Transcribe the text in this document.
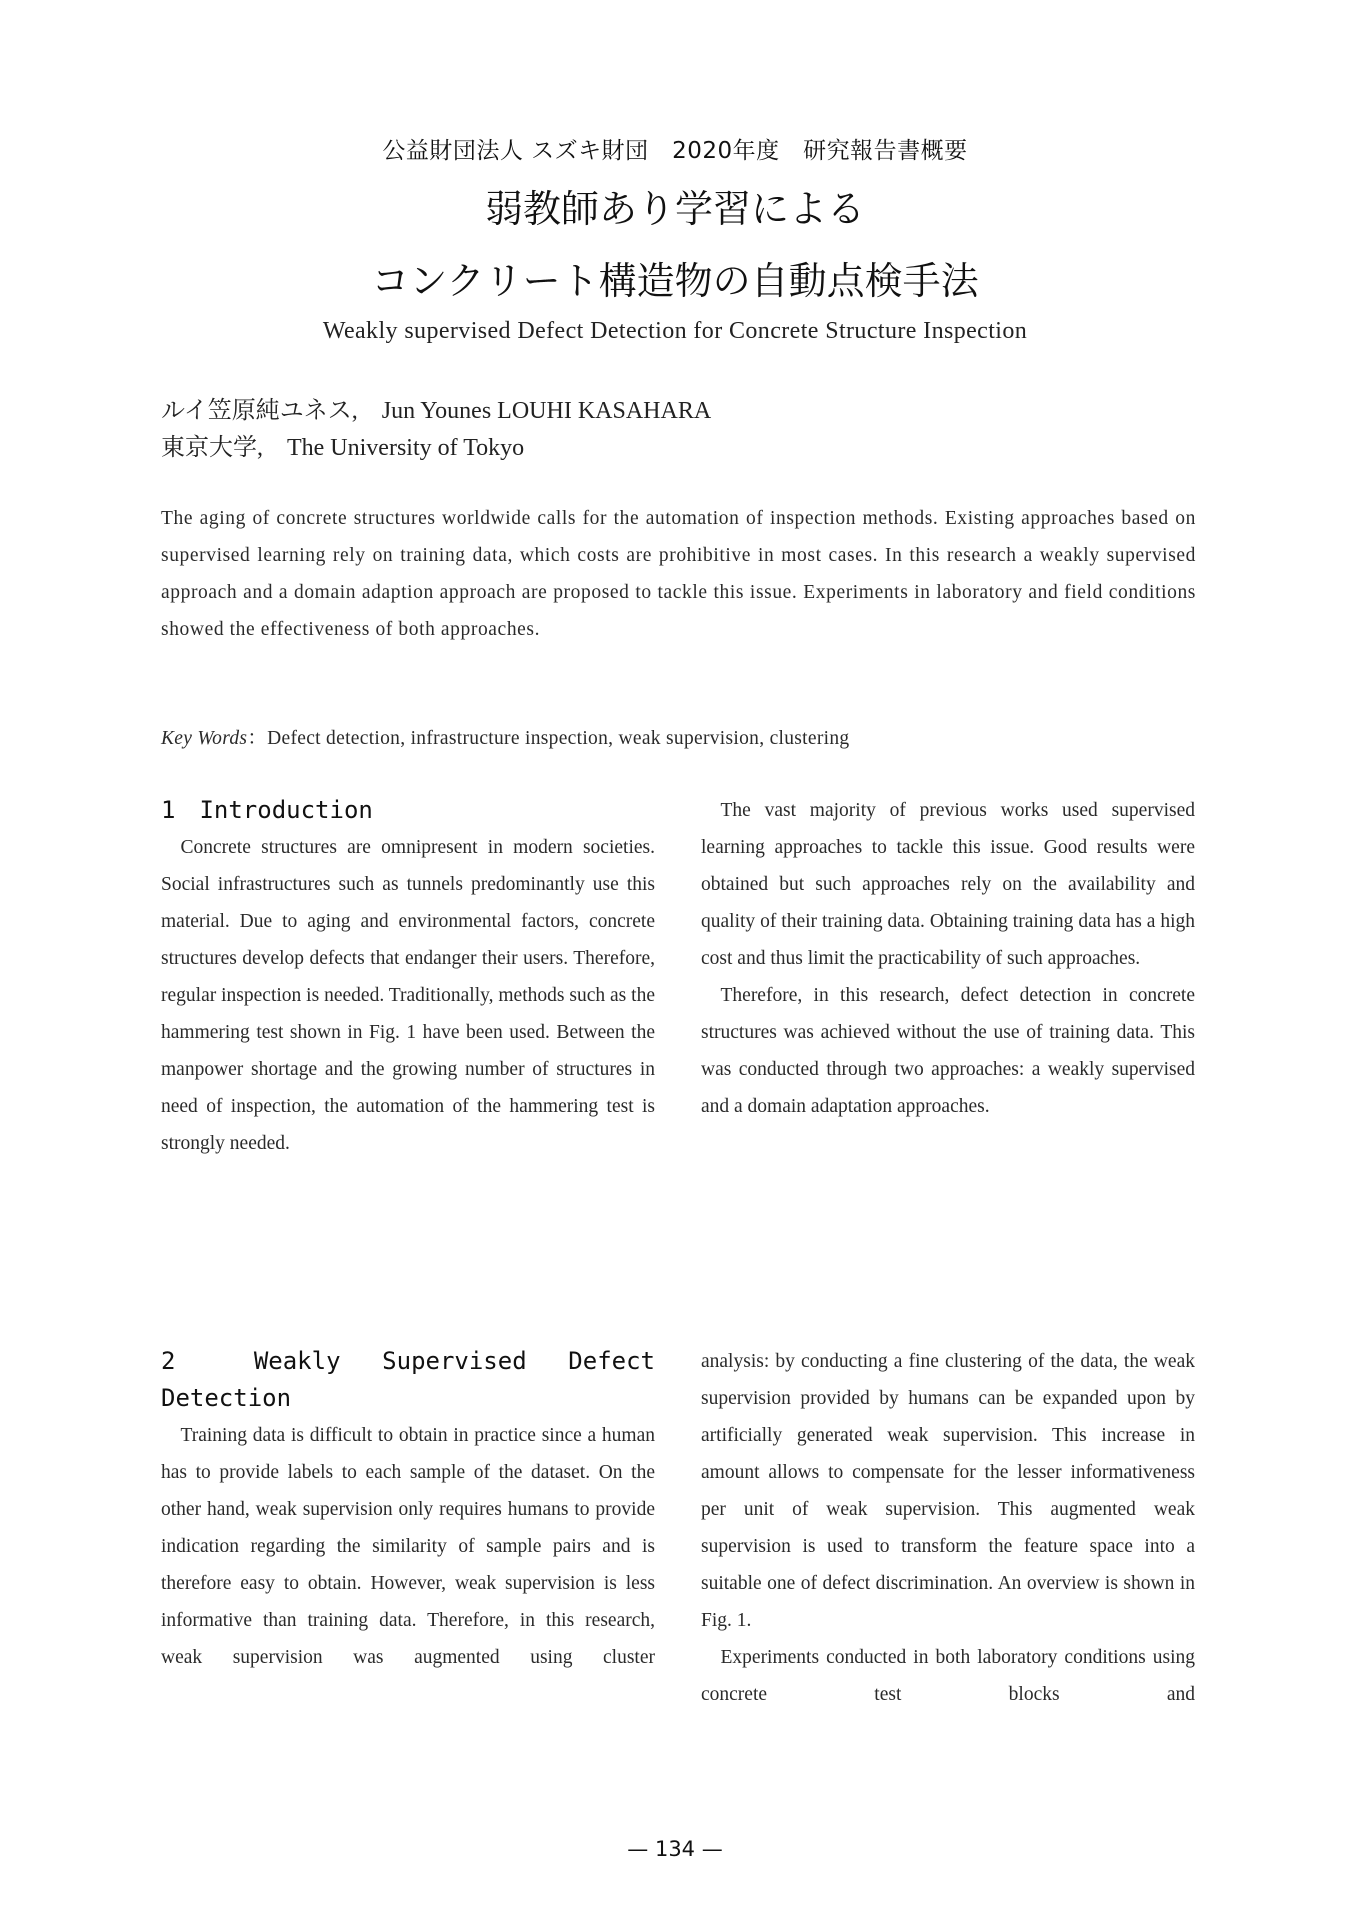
公益財団法人 スズキ財団　2020年度　研究報告書概要
弱教師あり学習による
コンクリート構造物の自動点検手法
Weakly supervised Defect Detection for Concrete Structure Inspection
ルイ笠原純ユネス,　Jun Younes LOUHI KASAHARA
東京大学,　The University of Tokyo
The aging of concrete structures worldwide calls for the automation of inspection methods. Existing approaches based on supervised learning rely on training data, which costs are prohibitive in most cases. In this research a weakly supervised approach and a domain adaption approach are proposed to tackle this issue. Experiments in laboratory and field conditions showed the effectiveness of both approaches.
Key Words：Defect detection, infrastructure inspection, weak supervision, clustering
1　Introduction

Concrete structures are omnipresent in modern societies. Social infrastructures such as tunnels predominantly use this material. Due to aging and environmental factors, concrete structures develop defects that endanger their users. Therefore, regular inspection is needed. Traditionally, methods such as the hammering test shown in Fig. 1 have been used. Between the manpower shortage and the growing number of structures in need of inspection, the automation of the hammering test is strongly needed.

The vast majority of previous works used supervised learning approaches to tackle this issue. Good results were obtained but such approaches rely on the availability and quality of their training data. Obtaining training data has a high cost and thus limit the practicability of such approaches.

Therefore, in this research, defect detection in concrete structures was achieved without the use of training data. This was conducted through two approaches: a weakly supervised and a domain adaptation approaches.

2　Weakly Supervised Defect
Detection

Training data is difficult to obtain in practice since a human has to provide labels to each sample of the dataset. On the other hand, weak supervision only requires humans to provide indication regarding the similarity of sample pairs and is therefore easy to obtain. However, weak supervision is less informative than training data. Therefore, in this research, weak supervision was augmented using cluster

analysis: by conducting a fine clustering of the data, the weak supervision provided by humans can be expanded upon by artificially generated weak supervision. This increase in amount allows to compensate for the lesser informativeness per unit of weak supervision. This augmented weak supervision is used to transform the feature space into a suitable one of defect discrimination. An overview is shown in Fig. 1.

Experiments conducted in both laboratory conditions using concrete test blocks and

— 134 —
